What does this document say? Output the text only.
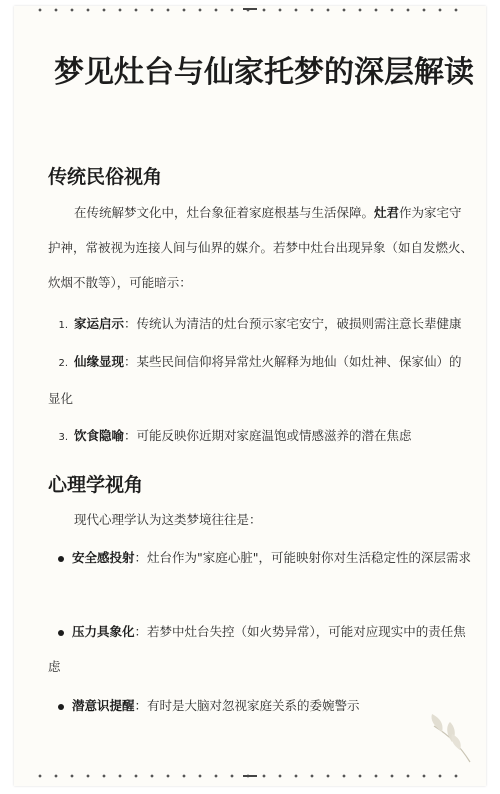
梦见灶台与仙家托梦的深层解读
传统民俗视角

在传统解梦文化中，灶台象征着家庭根基与生活保障。灶君作为家宅守护神，常被视为连接人间与仙界的媒介。若梦中灶台出现异象（如自发燃火、炊烟不散等），可能暗示：

1. 家运启示：传统认为清洁的灶台预示家宅安宁，破损则需注意长辈健康

2. 仙缘显现：某些民间信仰将异常灶火解释为地仙（如灶神、保家仙）的显化

3. 饮食隐喻：可能反映你近期对家庭温饱或情感滋养的潜在焦虑

心理学视角

现代心理学认为这类梦境往往是：

安全感投射：灶台作为"家庭心脏"，可能映射你对生活稳定性的深层需求

压力具象化：若梦中灶台失控（如火势异常），可能对应现实中的责任焦虑

潜意识提醒：有时是大脑对忽视家庭关系的委婉警示
